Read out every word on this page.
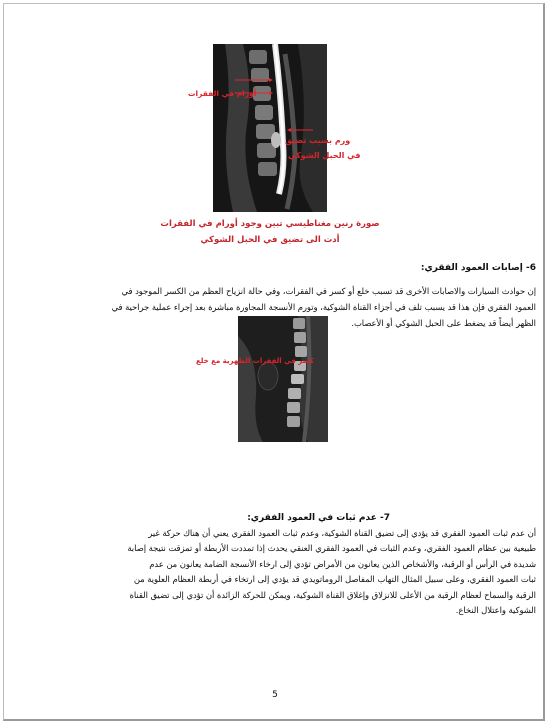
أورام في الفقرات
ورم بسبب تضيق
في الحبل الشوكي
صورة رنين مغناطيسي تبين وجود أورام في الفقرات
أدت الى تضيق في الحبل الشوكي
6- إصابات العمود الفقري:
إن حوادث السيارات والاصابات الأخرى قد تسبب خلع أو كسر في الفقرات، وفي حالة انزياح العظم من الكسر الموجود في
العمود الفقري فإن هذا قد يسبب تلف في أجزاء القناة الشوكية، وتورم الأنسجة المجاورة مباشرة بعد إجراء عملية جراحية في
الظهر أيضاً قد يضغط على الحبل الشوكي أو الأعصاب.
كسر في الفقرات الظهرية مع خلع
7- عدم ثبات في العمود الفقري:
أن عدم ثبات العمود الفقري قد يؤدي إلى تضيق القناة الشوكية، وعدم ثبات العمود الفقري يعني أن هناك حركة غير
طبيعية بين عظام العمود الفقري، وعدم الثبات في العمود الفقري العنقي يحدث إذا تمددت الأربطة أو تمزقت نتيجة إصابة
شديدة في الرأس أو الرقبة، والأشخاص الذين يعانون من الأمراض تؤدي إلى ارخاء الأنسجة الضامة يعانون من عدم
ثبات العمود الفقري، وعلى سبيل المثال التهاب المفاصل الروماتويدي قد يؤدي إلى ارتخاء في أربطة العظام العلوية من
الرقبة والسماح لعظام الرقبة من الأعلى للانزلاق وإغلاق القناة الشوكية، ويمكن للحركة الزائدة أن تؤدي إلى تضيق القناة
الشوكية واعتلال النخاع.
5
